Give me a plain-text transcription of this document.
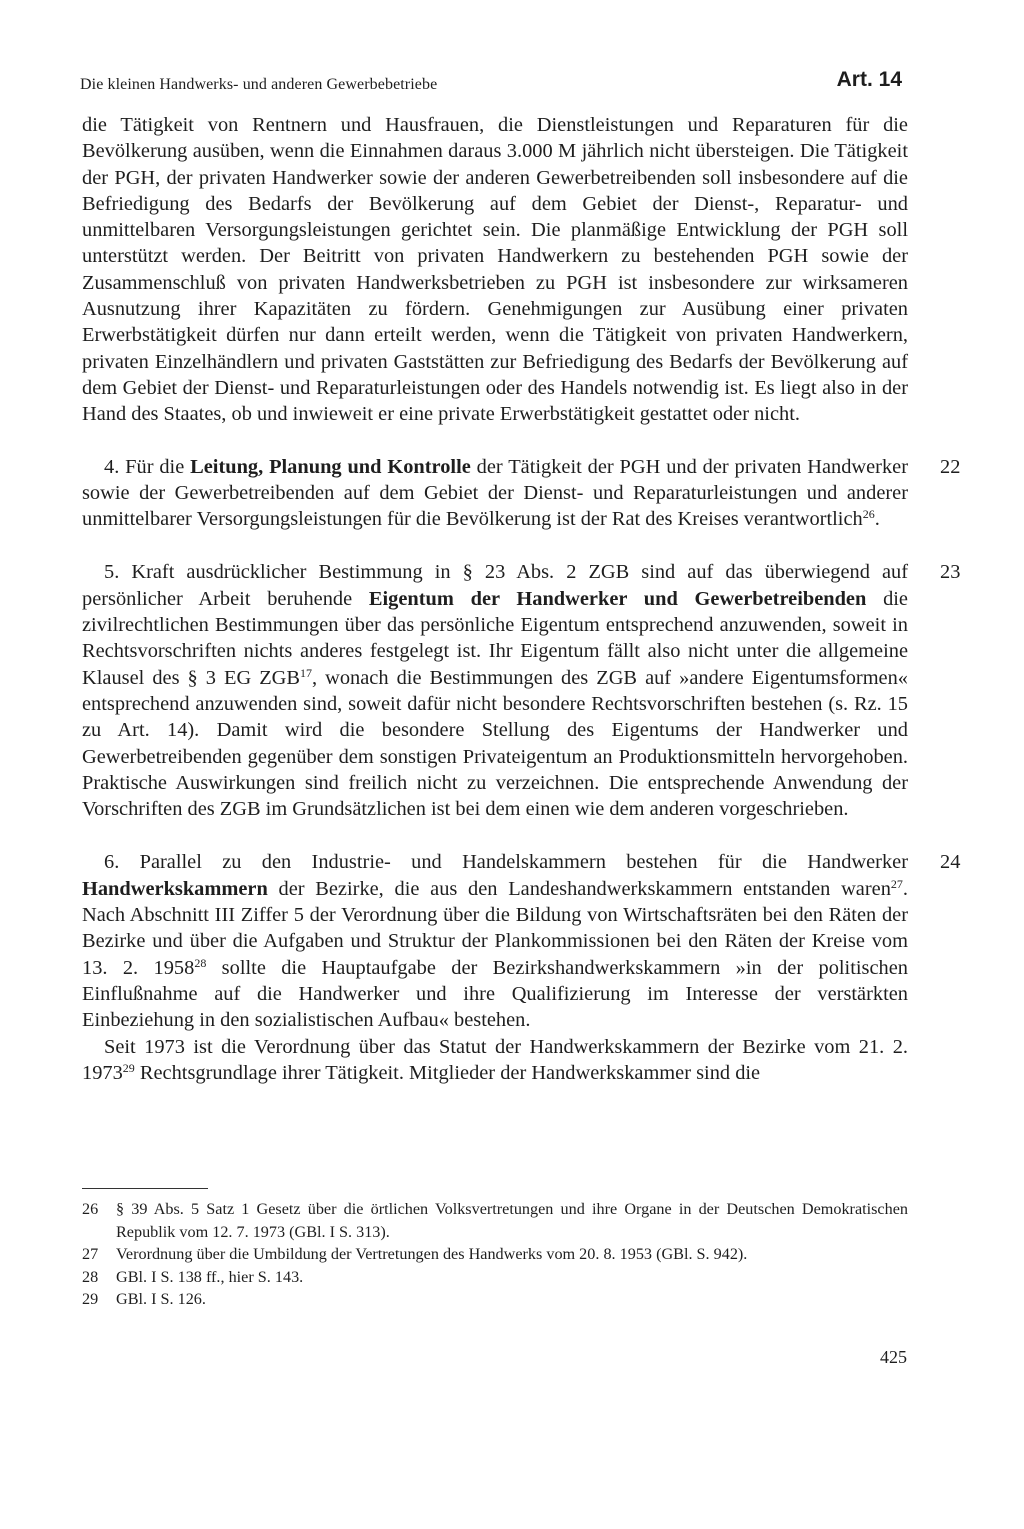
Die kleinen Handwerks- und anderen Gewerbebetriebe	Art. 14

die Tätigkeit von Rentnern und Hausfrauen, die Dienstleistungen und Reparaturen für die Bevölkerung ausüben, wenn die Einnahmen daraus 3.000 M jährlich nicht übersteigen. Die Tätigkeit der PGH, der privaten Handwerker sowie der anderen Gewerbetreibenden soll insbesondere auf die Befriedigung des Bedarfs der Bevölkerung auf dem Gebiet der Dienst-, Reparatur- und unmittelbaren Versorgungsleistungen gerichtet sein. Die planmäßige Entwicklung der PGH soll unterstützt werden. Der Beitritt von privaten Handwerkern zu bestehenden PGH sowie der Zusammenschluß von privaten Handwerksbetrieben zu PGH ist insbesondere zur wirksameren Ausnutzung ihrer Kapazitäten zu fördern. Genehmigungen zur Ausübung einer privaten Erwerbstätigkeit dürfen nur dann erteilt werden, wenn die Tätigkeit von privaten Handwerkern, privaten Einzelhändlern und privaten Gaststätten zur Befriedigung des Bedarfs der Bevölkerung auf dem Gebiet der Dienst- und Reparaturleistungen oder des Handels notwendig ist. Es liegt also in der Hand des Staates, ob und inwieweit er eine private Erwerbstätigkeit gestattet oder nicht.

22

4. Für die Leitung, Planung und Kontrolle der Tätigkeit der PGH und der privaten Handwerker sowie der Gewerbetreibenden auf dem Gebiet der Dienst- und Reparaturleistungen und anderer unmittelbarer Versorgungsleistungen für die Bevölkerung ist der Rat des Kreises verantwortlich$^{26}$.

23

5. Kraft ausdrücklicher Bestimmung in § 23 Abs. 2 ZGB sind auf das überwiegend auf persönlicher Arbeit beruhende Eigentum der Handwerker und Gewerbetreibenden die zivilrechtlichen Bestimmungen über das persönliche Eigentum entsprechend anzuwenden, soweit in Rechtsvorschriften nichts anderes festgelegt ist. Ihr Eigentum fällt also nicht unter die allgemeine Klausel des § 3 EG ZGB$^{17}$, wonach die Bestimmungen des ZGB auf »andere Eigentumsformen« entsprechend anzuwenden sind, soweit dafür nicht besondere Rechtsvorschriften bestehen (s. Rz. 15 zu Art. 14). Damit wird die besondere Stellung des Eigentums der Handwerker und Gewerbetreibenden gegenüber dem sonstigen Privateigentum an Produktionsmitteln hervorgehoben. Praktische Auswirkungen sind freilich nicht zu verzeichnen. Die entsprechende Anwendung der Vorschriften des ZGB im Grundsätzlichen ist bei dem einen wie dem anderen vorgeschrieben.

24

6. Parallel zu den Industrie- und Handelskammern bestehen für die Handwerker Handwerkskammern der Bezirke, die aus den Landeshandwerkskammern entstanden waren$^{27}$. Nach Abschnitt III Ziffer 5 der Verordnung über die Bildung von Wirtschaftsräten bei den Räten der Bezirke und über die Aufgaben und Struktur der Plankommissionen bei den Räten der Kreise vom 13. 2. 1958$^{28}$ sollte die Hauptaufgabe der Bezirkshandwerkskammern »in der politischen Einflußnahme auf die Handwerker und ihre Qualifizierung im Interesse der verstärkten Einbeziehung in den sozialistischen Aufbau« bestehen.

Seit 1973 ist die Verordnung über das Statut der Handwerkskammern der Bezirke vom 21. 2. 1973$^{29}$ Rechtsgrundlage ihrer Tätigkeit. Mitglieder der Handwerkskammer sind die

26	§ 39 Abs. 5 Satz 1 Gesetz über die örtlichen Volksvertretungen und ihre Organe in der Deutschen Demokratischen Republik vom 12. 7. 1973 (GBl. I S. 313).
27	Verordnung über die Umbildung der Vertretungen des Handwerks vom 20. 8. 1953 (GBl. S. 942).
28	GBl. I S. 138 ff., hier S. 143.
29	GBl. I S. 126.
425
